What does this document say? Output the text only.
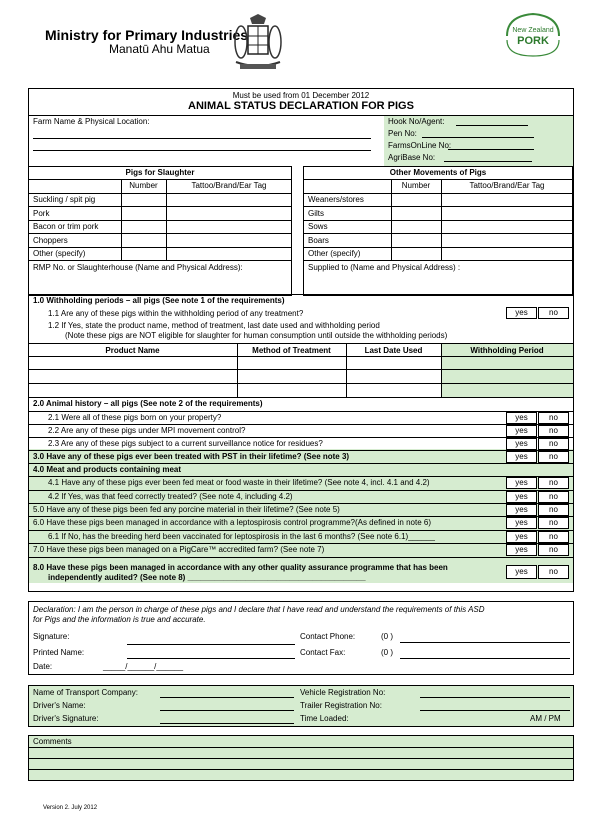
Ministry for Primary Industries
Manatū Ahu Matua
New Zealand
PORK
Must be used from 01 December 2012
ANIMAL STATUS DECLARATION FOR PIGS
Farm Name & Physical Location:	Hook No/Agent:
Pen No:
FarmsOnLine No:
AgriBase No:
Pigs for Slaughter
Number	Tattoo/Brand/Ear Tag
Suckling / spit pig
Pork
Bacon or trim pork
Choppers
Other (specify)
RMP No. or Slaughterhouse (Name and Physical Address):
Other Movements of Pigs
Number	Tattoo/Brand/Ear Tag
Weaners/stores
Gilts
Sows
Boars
Other (specify)
Supplied to (Name and Physical Address) :
1.0 Withholding periods – all pigs (See note 1 of the requirements)
1.1 Are any of these pigs within the withholding period of any treatment?	yes	no
1.2 If Yes, state the product name, method of treatment, last date used and withholding period
(Note these pigs are NOT eligible for slaughter for human consumption until outside the withholding periods)
Product Name	Method of Treatment	Last Date Used	Withholding Period
2.0 Animal history – all pigs (See note 2 of the requirements)
2.1 Were all of these pigs born on your property?	yes	no
2.2 Are any of these pigs under MPI movement control?	yes	no
2.3 Are any of these pigs subject to a current surveillance notice for residues?	yes	no
3.0 Have any of these pigs ever been treated with PST in their lifetime? (See note 3)	yes	no
4.0 Meat and products containing meat
4.1 Have any of these pigs ever been fed meat or food waste in their lifetime? (See note 4, incl. 4.1 and 4.2)	yes	no
4.2 If Yes, was that feed correctly treated? (See note 4, including 4.2)	yes	no
5.0 Have any of these pigs been fed any porcine material in their lifetime? (See note 5)	yes	no
6.0 Have these pigs been managed in accordance with a leptospirosis control programme?(As defined in note 6)	yes	no
6.1 If No, has the breeding herd been vaccinated for leptospirosis in the last 6 months? (See note 6.1)______	yes	no
7.0 Have these pigs been managed on a PigCare™ accredited farm? (See note 7)	yes	no
8.0 Have these pigs been managed in accordance with any other quality assurance programme that has been
independently audited? (See note 8) ________________________________________
yes	no
Declaration: I am the person in charge of these pigs and I declare that I have read and understand the requirements of this ASD
for Pigs and the information is true and accurate.
Signature:
Printed Name:
Date:	_____/______/______
Contact Phone:	(0 )
Contact Fax:	(0 )
Name of Transport Company:
Driver's Name:
Driver's Signature:
Vehicle Registration No:
Trailer Registration No:
Time Loaded:	AM / PM
Comments
Version 2. July 2012
